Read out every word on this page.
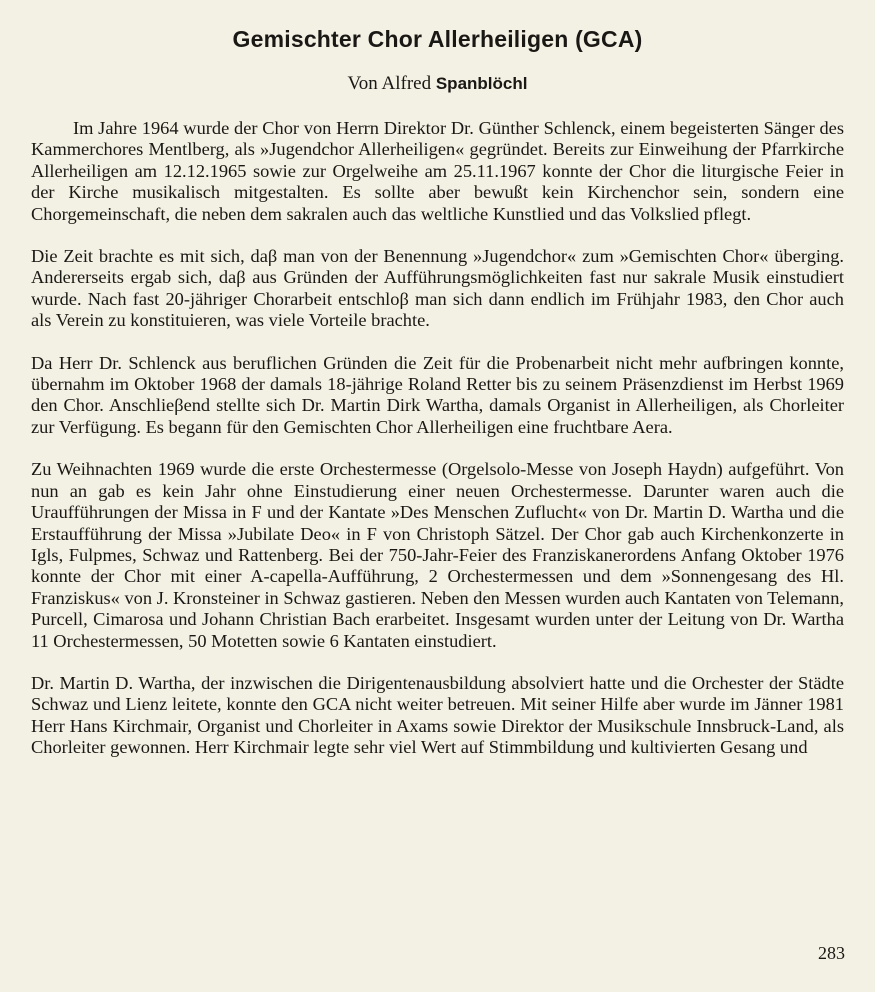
Gemischter Chor Allerheiligen (GCA)

Von Alfred Spanblöchl

Im Jahre 1964 wurde der Chor von Herrn Direktor Dr. Günther Schlenck, einem begeisterten Sänger des Kammerchores Mentlberg, als »Jugendchor Allerheiligen« gegründet. Bereits zur Einweihung der Pfarrkirche Allerheiligen am 12.12.1965 sowie zur Orgelweihe am 25.11.1967 konnte der Chor die liturgische Feier in der Kirche musikalisch mitgestalten. Es sollte aber bewußt kein Kirchenchor sein, sondern eine Chorgemeinschaft, die neben dem sakralen auch das weltliche Kunstlied und das Volkslied pflegt.

Die Zeit brachte es mit sich, daβ man von der Benennung »Jugendchor« zum »Gemischten Chor« überging. Andererseits ergab sich, daβ aus Gründen der Aufführungsmöglichkeiten fast nur sakrale Musik einstudiert wurde. Nach fast 20-jähriger Chorarbeit entschloβ man sich dann endlich im Frühjahr 1983, den Chor auch als Verein zu konstituieren, was viele Vorteile brachte.

Da Herr Dr. Schlenck aus beruflichen Gründen die Zeit für die Probenarbeit nicht mehr aufbringen konnte, übernahm im Oktober 1968 der damals 18-jährige Roland Retter bis zu seinem Präsenzdienst im Herbst 1969 den Chor. Anschlieβend stellte sich Dr. Martin Dirk Wartha, damals Organist in Allerheiligen, als Chorleiter zur Verfügung. Es begann für den Gemischten Chor Allerheiligen eine fruchtbare Aera.

Zu Weihnachten 1969 wurde die erste Orchestermesse (Orgelsolo-Messe von Joseph Haydn) aufgeführt. Von nun an gab es kein Jahr ohne Einstudierung einer neuen Orchestermesse. Darunter waren auch die Uraufführungen der Missa in F und der Kantate »Des Menschen Zuflucht« von Dr. Martin D. Wartha und die Erstaufführung der Missa »Jubilate Deo« in F von Christoph Sätzel. Der Chor gab auch Kirchenkonzerte in Igls, Fulpmes, Schwaz und Rattenberg. Bei der 750-Jahr-Feier des Franziskanerordens Anfang Oktober 1976 konnte der Chor mit einer A-capella-Aufführung, 2 Orchestermessen und dem »Sonnengesang des Hl. Franziskus« von J. Kronsteiner in Schwaz gastieren. Neben den Messen wurden auch Kantaten von Telemann, Purcell, Cimarosa und Johann Christian Bach erarbeitet. Insgesamt wurden unter der Leitung von Dr. Wartha 11 Orchestermessen, 50 Motetten sowie 6 Kantaten einstudiert.

Dr. Martin D. Wartha, der inzwischen die Dirigentenausbildung absolviert hatte und die Orchester der Städte Schwaz und Lienz leitete, konnte den GCA nicht weiter betreuen. Mit seiner Hilfe aber wurde im Jänner 1981 Herr Hans Kirchmair, Organist und Chorleiter in Axams sowie Direktor der Musikschule Innsbruck-Land, als Chorleiter gewonnen. Herr Kirchmair legte sehr viel Wert auf Stimmbildung und kultivierten Gesang und

283
